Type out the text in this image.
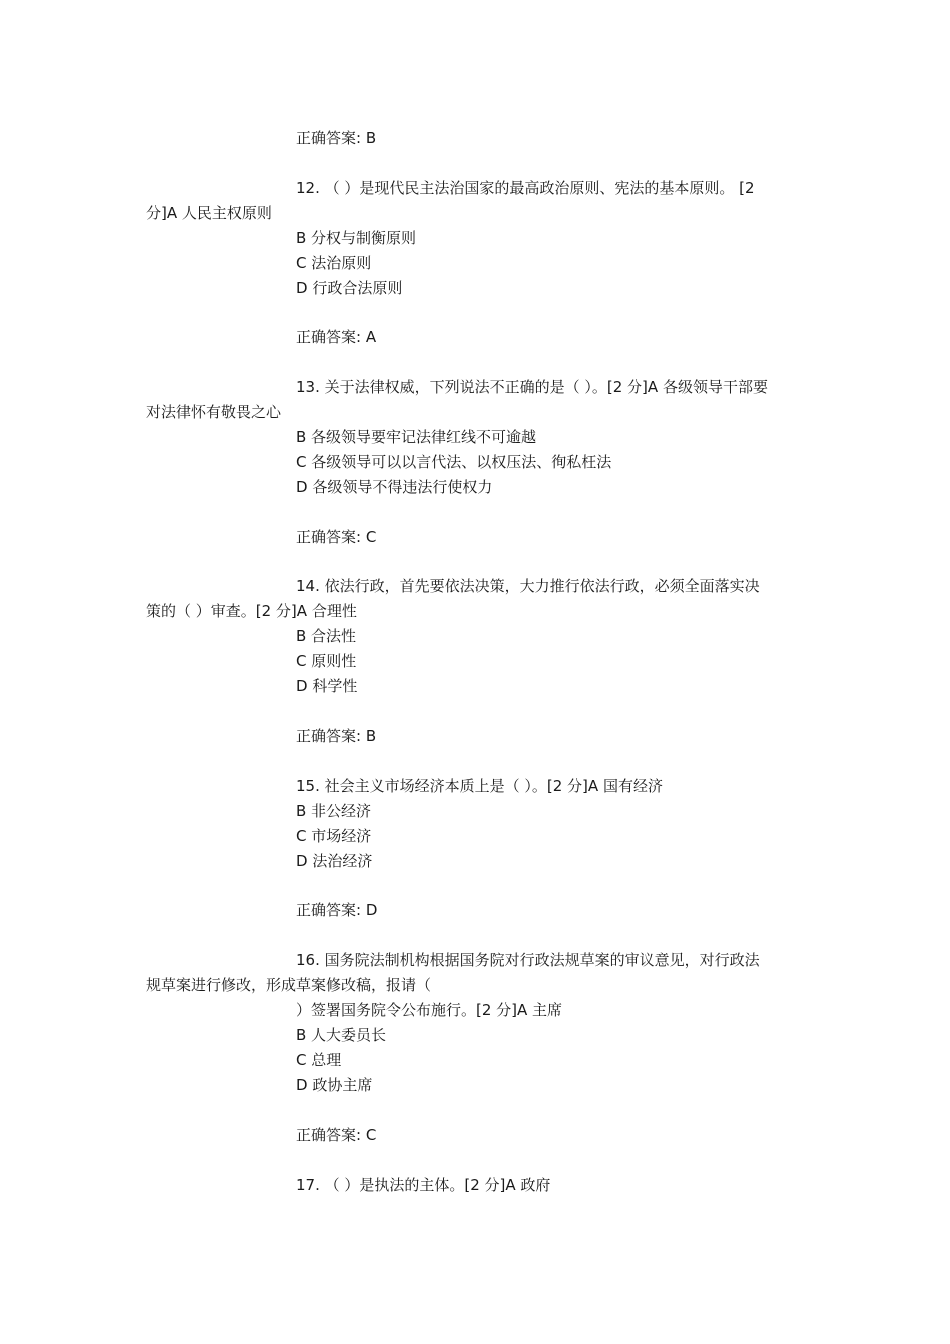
正确答案: B
12. （ ）是现代民主法治国家的最高政治原则、宪法的基本原则。 [2
分]A 人民主权原则
B 分权与制衡原则
C 法治原则
D 行政合法原则
正确答案: A
13. 关于法律权威，下列说法不正确的是（ ）。[2 分]A 各级领导干部要
对法律怀有敬畏之心
B 各级领导要牢记法律红线不可逾越
C 各级领导可以以言代法、以权压法、徇私枉法
D 各级领导不得违法行使权力
正确答案: C
14. 依法行政，首先要依法决策，大力推行依法行政，必须全面落实决
策的（ ）审查。[2 分]A 合理性
B 合法性
C 原则性
D 科学性
正确答案: B
15. 社会主义市场经济本质上是（ ）。[2 分]A 国有经济
B 非公经济
C 市场经济
D 法治经济
正确答案: D
16. 国务院法制机构根据国务院对行政法规草案的审议意见，对行政法
规草案进行修改，形成草案修改稿，报请（
）签署国务院令公布施行。[2 分]A 主席
B 人大委员长
C 总理
D 政协主席
正确答案: C
17. （ ）是执法的主体。[2 分]A 政府
